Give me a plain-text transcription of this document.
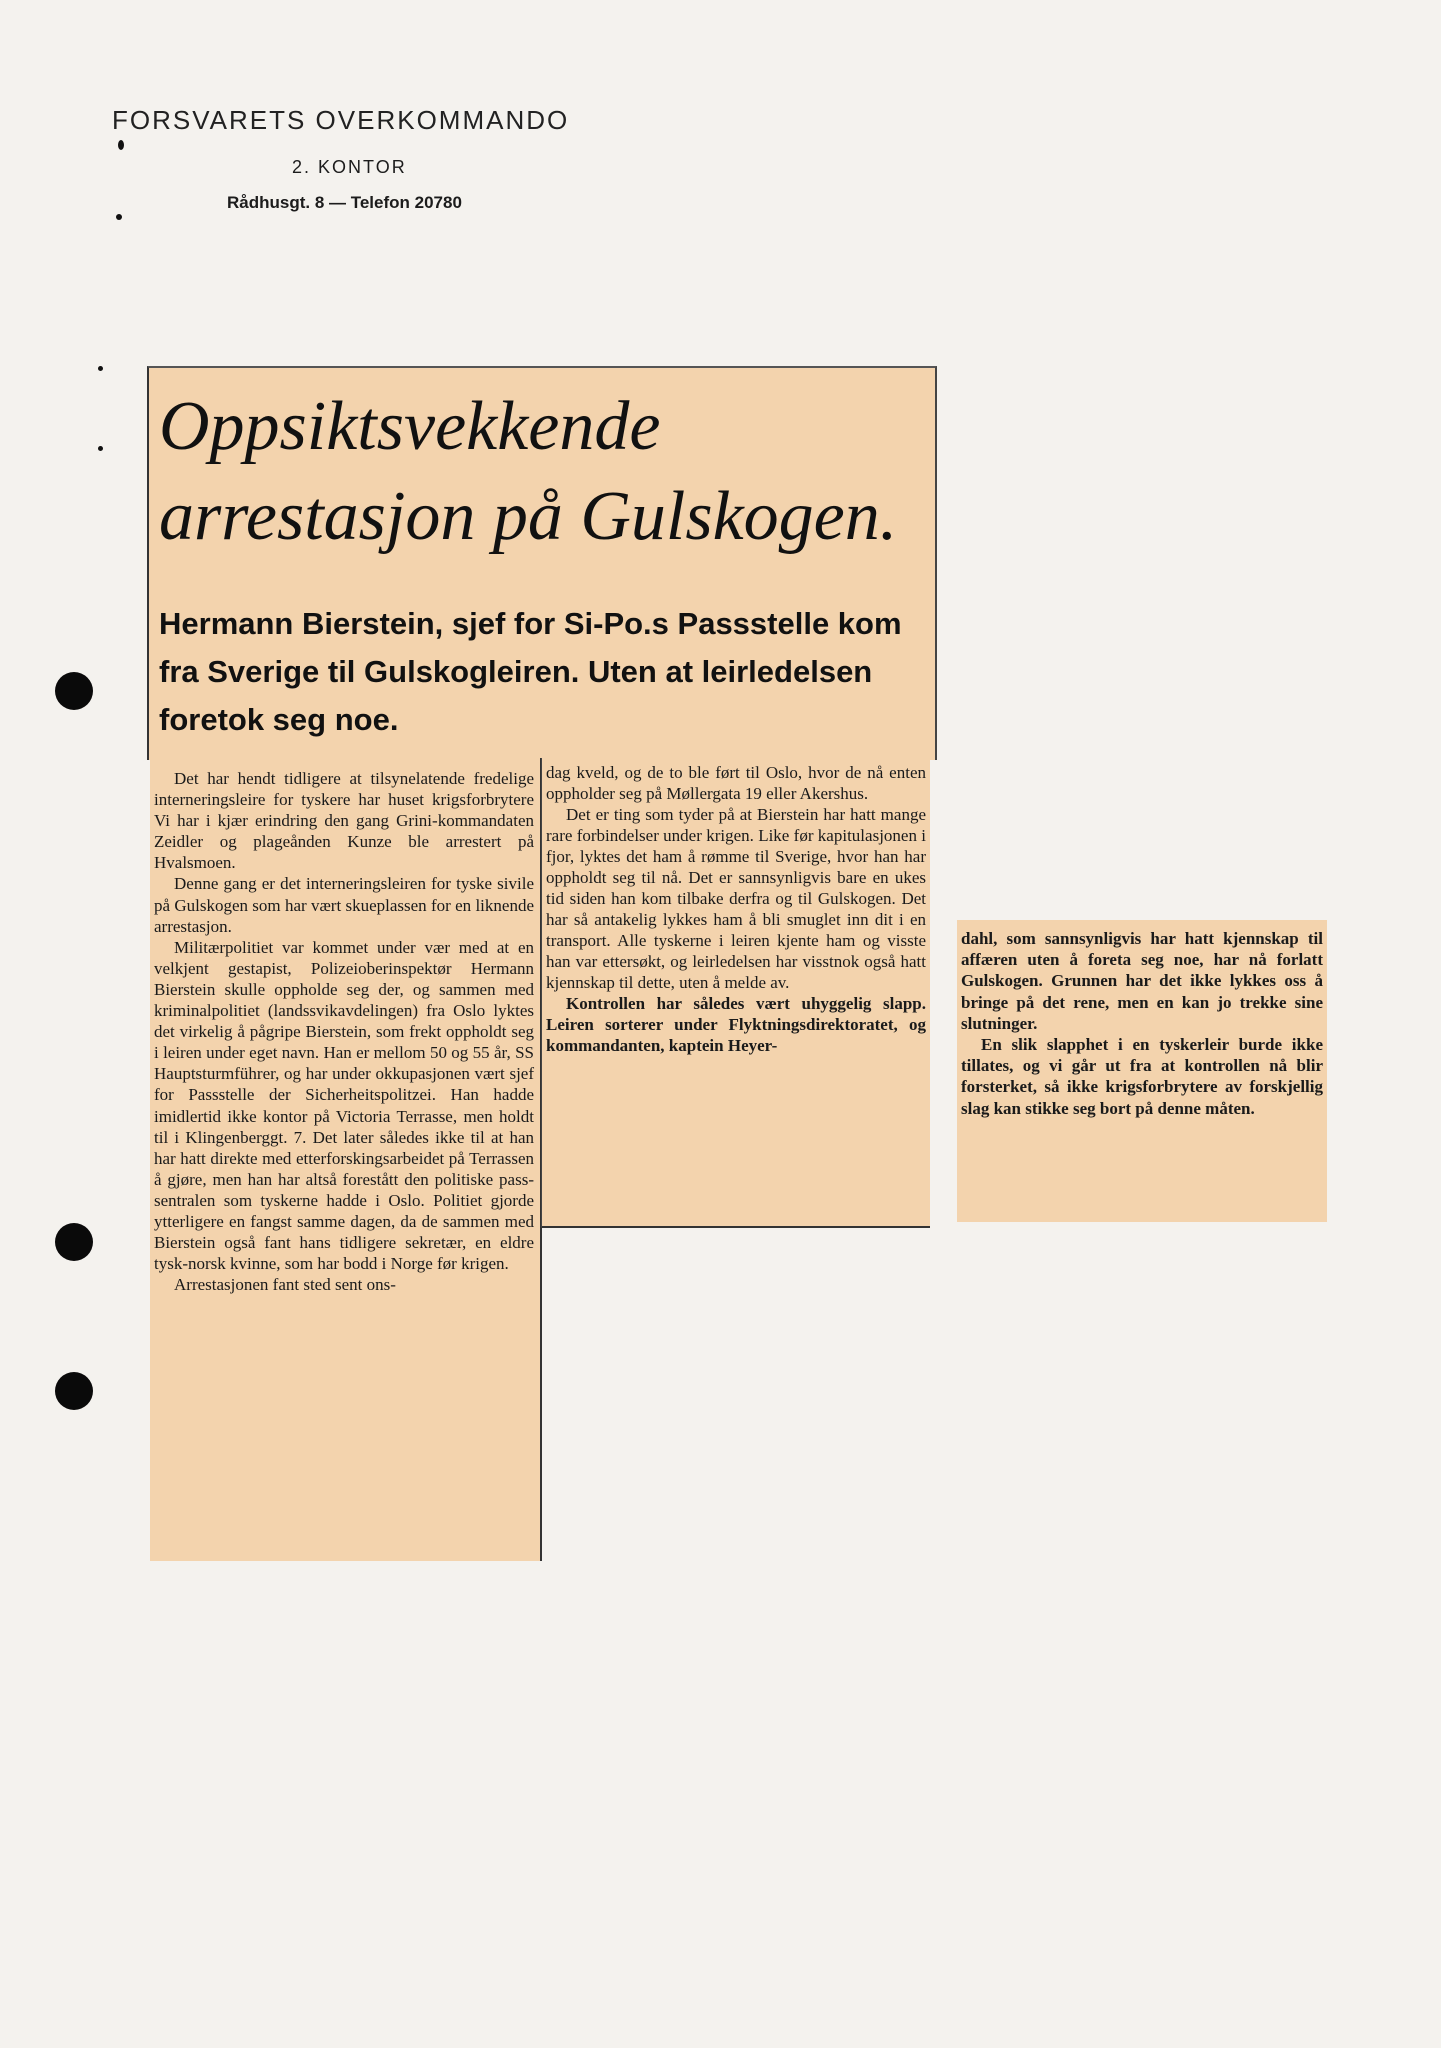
FORSVARETS OVERKOMMANDO
2. KONTOR
Rådhusgt. 8 — Telefon 20780
Oppsiktsvekkende arrestasjon på Gulskogen.
Hermann Bierstein, sjef for Si-Po.s Passstelle kom fra Sverige til Gulskogleiren. Uten at leirledelsen foretok seg noe.

Det har hendt tidligere at tilsynelatende fredelige interneringsleire for tyskere har huset krigsforbrytere Vi har i kjær erindring den gang Grini-kommandaten Zeidler og plageånden Kunze ble arrestert på Hvalsmoen.

Denne gang er det interneringsleiren for tyske sivile på Gulskogen som har vært skueplassen for en liknende arrestasjon.

Militærpolitiet var kommet under vær med at en velkjent gestapist, Polizeioberinspektør Hermann Bierstein skulle oppholde seg der, og sammen med kriminalpolitiet (landssvikavdelingen) fra Oslo lyktes det virkelig å pågripe Bierstein, som frekt oppholdt seg i leiren under eget navn. Han er mellom 50 og 55 år, SS Hauptsturmführer, og har under okkupasjonen vært sjef for Passstelle der Sicherheitspolitzei. Han hadde imidlertid ikke kontor på Victoria Terrasse, men holdt til i Klingenberggt. 7. Det later således ikke til at han har hatt direkte med etterforskingsarbeidet på Terrassen å gjøre, men han har altså forestått den politiske pass-sentralen som tyskerne hadde i Oslo. Politiet gjorde ytterligere en fangst samme dagen, da de sammen med Bierstein også fant hans tidligere sekretær, en eldre tysk-norsk kvinne, som har bodd i Norge før krigen.

Arrestasjonen fant sted sent ons-

dag kveld, og de to ble ført til Oslo, hvor de nå enten oppholder seg på Møllergata 19 eller Akershus.

Det er ting som tyder på at Bierstein har hatt mange rare forbindelser under krigen. Like før kapitulasjonen i fjor, lyktes det ham å rømme til Sverige, hvor han har oppholdt seg til nå. Det er sannsynligvis bare en ukes tid siden han kom tilbake derfra og til Gulskogen. Det har så antakelig lykkes ham å bli smuglet inn dit i en transport. Alle tyskerne i leiren kjente ham og visste han var ettersøkt, og leirledelsen har visstnok også hatt kjennskap til dette, uten å melde av.

Kontrollen har således vært uhyggelig slapp. Leiren sorterer under Flyktningsdirektoratet, og kommandanten, kaptein Heyer-

dahl, som sannsynligvis har hatt kjennskap til affæren uten å foreta seg noe, har nå forlatt Gulskogen. Grunnen har det ikke lykkes oss å bringe på det rene, men en kan jo trekke sine slutninger.

En slik slapphet i en tyskerleir burde ikke tillates, og vi går ut fra at kontrollen nå blir forsterket, så ikke krigsforbrytere av forskjellig slag kan stikke seg bort på denne måten.
